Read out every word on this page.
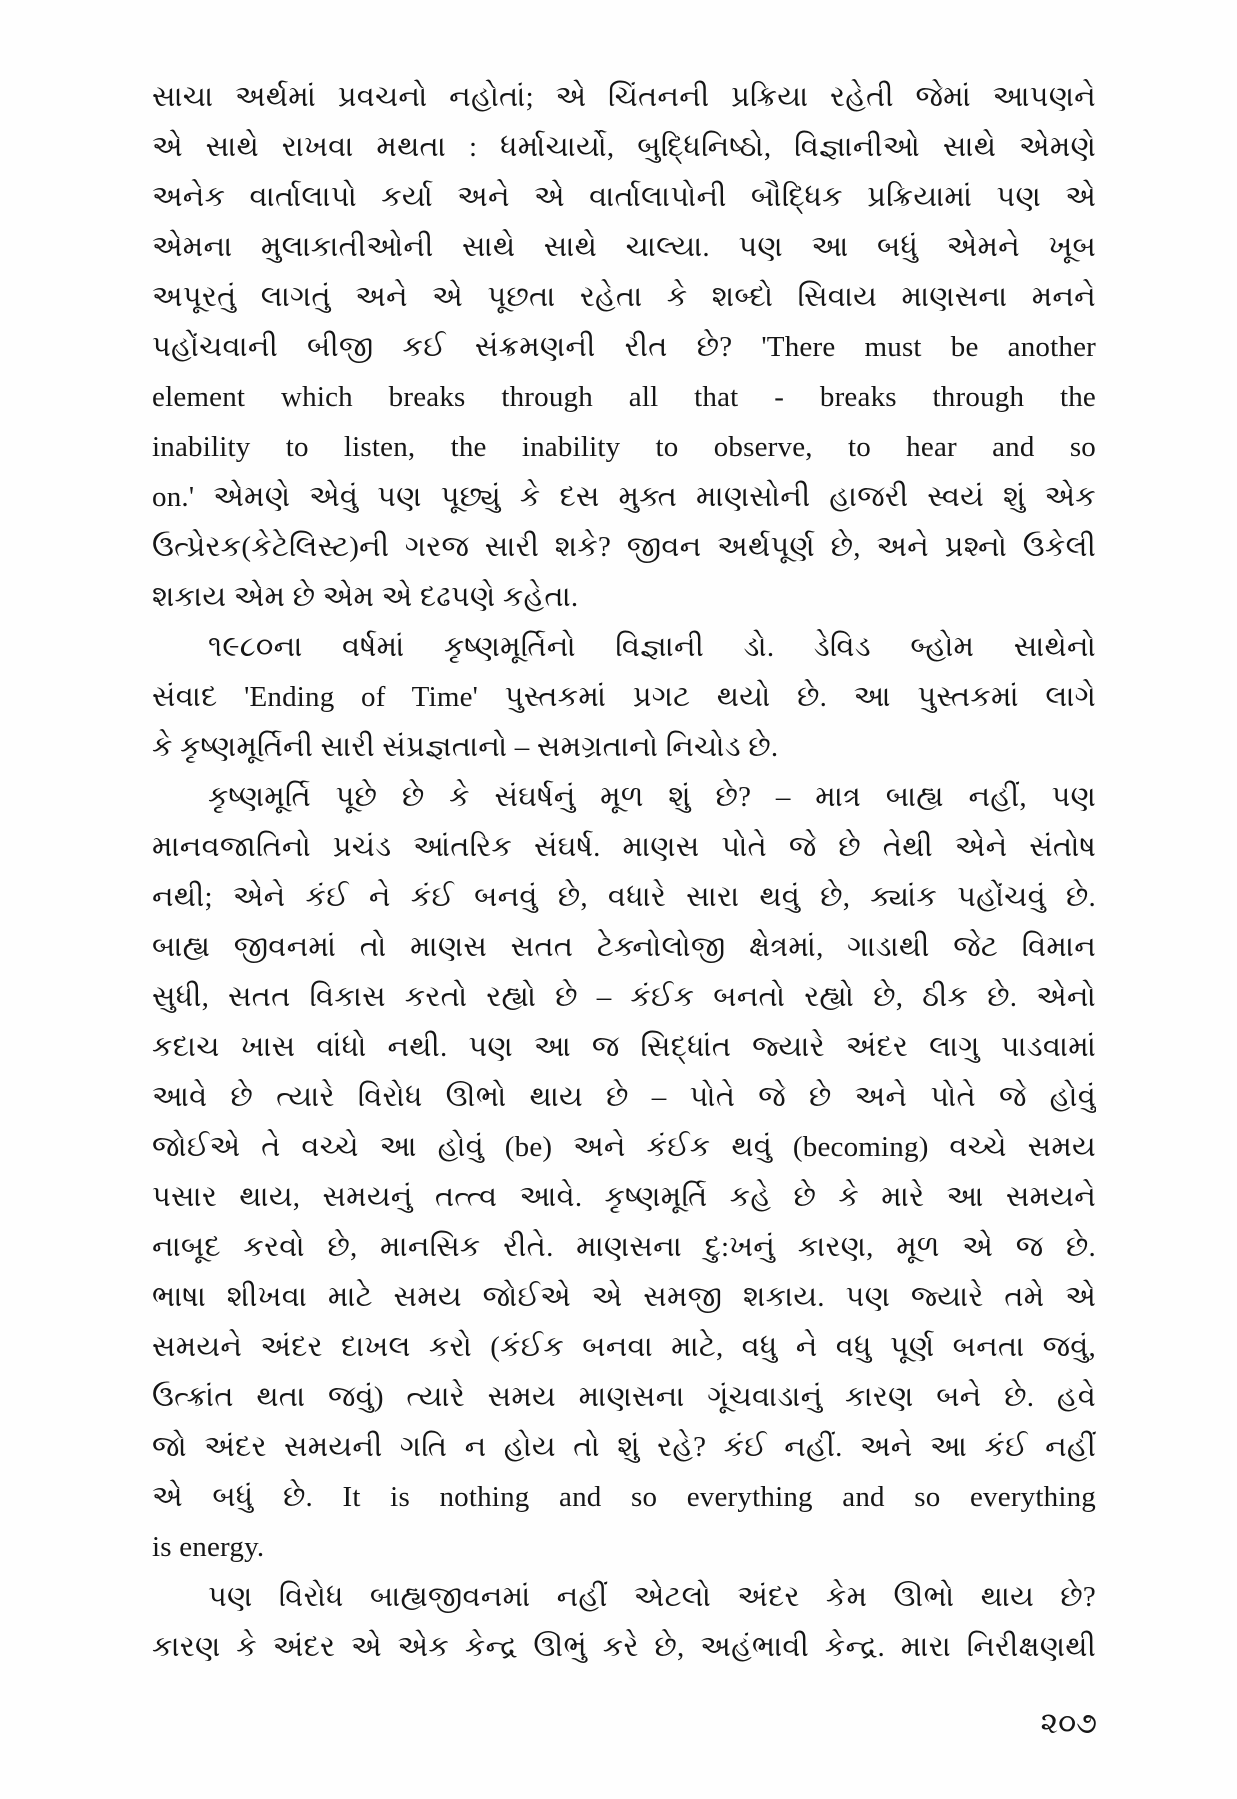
સાચા અર્થમાં પ્રવચનો નહોતાં; એ ચિંતનની પ્રક્રિયા રહેતી જેમાં આપણને
એ સાથે રાખવા મથતા : ધર્માચાર્યો, બુદ્ધિનિષ્ઠો, વિજ્ઞાનીઓ સાથે એમણે
અનેક વાર્તાલાપો કર્યા અને એ વાર્તાલાપોની બૌદ્ધિક પ્રક્રિયામાં પણ એ
એમના મુલાકાતીઓની સાથે સાથે ચાલ્યા. પણ આ બધું એમને ખૂબ
અપૂરતું લાગતું અને એ પૂછતા રહેતા કે શબ્દો સિવાય માણસના મનને
પહોંચવાની બીજી કઈ સંક્રમણની રીત છે? 'There must be another
element which breaks through all that - breaks through the
inability to listen, the inability to observe, to hear and so
on.' એમણે એવું પણ પૂછ્યું કે દસ મુક્ત માણસોની હાજરી સ્વયં શું એક
ઉત્પ્રેરક(કેટેલિસ્ટ)ની ગરજ સારી શકે? જીવન અર્થપૂર્ણ છે, અને પ્રશ્નો ઉકેલી
શકાય એમ છે એમ એ દઢપણે કહેતા.
૧૯૮૦ના વર્ષમાં કૃષ્ણમૂર્તિનો વિજ્ઞાની ડો. ડેવિડ બ્હોમ સાથેનો
સંવાદ 'Ending of Time' પુસ્તકમાં પ્રગટ થયો છે. આ પુસ્તકમાં લાગે
કે કૃષ્ણમૂર્તિની સારી સંપ્રજ્ઞતાનો – સમગ્રતાનો નિચોડ છે.
કૃષ્ણમૂર્તિ પૂછે છે કે સંઘર્ષનું મૂળ શું છે? – માત્ર બાહ્ય નહીં, પણ
માનવજાતિનો પ્રચંડ આંતરિક સંઘર્ષ. માણસ પોતે જે છે તેથી એને સંતોષ
નથી; એને કંઈ ને કંઈ બનવું છે, વધારે સારા થવું છે, ક્યાંક પહોંચવું છે.
બાહ્ય જીવનમાં તો માણસ સતત ટેક્નોલોજી ક્ષેત્રમાં, ગાડાથી જેટ વિમાન
સુધી, સતત વિકાસ કરતો રહ્યો છે – કંઈક બનતો રહ્યો છે, ઠીક છે. એનો
કદાચ ખાસ વાંધો નથી. પણ આ જ સિદ્ધાંત જ્યારે અંદર લાગુ પાડવામાં
આવે છે ત્યારે વિરોધ ઊભો થાય છે – પોતે જે છે અને પોતે જે હોવું
જોઈએ તે વચ્ચે આ હોવું (be) અને કંઈક થવું (becoming) વચ્ચે સમય
પસાર થાય, સમયનું તત્ત્વ આવે. કૃષ્ણમૂર્તિ કહે છે કે મારે આ સમયને
નાબૂદ કરવો છે, માનસિક રીતે. માણસના દુ:ખનું કારણ, મૂળ એ જ છે.
ભાષા શીખવા માટે સમય જોઈએ એ સમજી શકાય. પણ જ્યારે તમે એ
સમયને અંદર દાખલ કરો (કંઈક બનવા માટે, વધુ ને વધુ પૂર્ણ બનતા જવું,
ઉત્ક્રાંત થતા જવું) ત્યારે સમય માણસના ગૂંચવાડાનું કારણ બને છે. હવે
જો અંદર સમયની ગતિ ન હોય તો શું રહે? કંઈ નહીં. અને આ કંઈ નહીં
એ બધું છે. It is nothing and so everything and so everything
is energy.
પણ વિરોધ બાહ્યજીવનમાં નહીં એટલો અંદર કેમ ઊભો થાય છે?
કારણ કે અંદર એ એક કેન્દ્ર ઊભું કરે છે, અહંભાવી કેન્દ્ર. મારા નિરીક્ષણથી
૨૦૭
